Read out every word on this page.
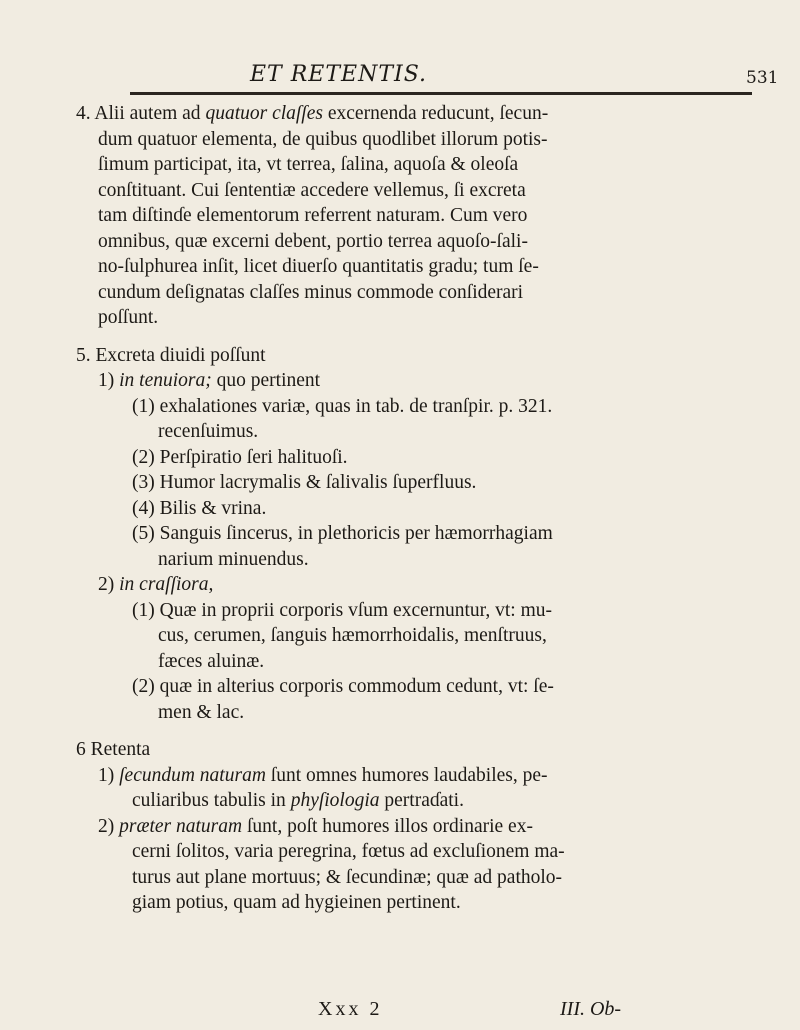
ET RETENTIS.	531
4. Alii autem ad quatuor claſſes excernenda reducunt, ſecun-
dum quatuor elementa, de quibus quodlibet illorum potis-
ſimum participat, ita, vt terrea, ſalina, aquoſa & oleoſa
conſtituant. Cui ſententiæ accedere vellemus, ſi excreta
tam diſtinɗe elementorum referrent naturam. Cum vero
omnibus, quæ excerni debent, portio terrea aquoſo-ſali-
no-ſulphurea inſit, licet diuerſo quantitatis gradu; tum ſe-
cundum deſignatas claſſes minus commode conſiderari
poſſunt.
5. Excreta diuidi poſſunt
1) in tenuiora; quo pertinent
(1) exhalationes variæ, quas in tab. de tranſpir. p. 321.
recenſuimus.
(2) Perſpiratio ſeri halituoſi.
(3) Humor lacrymalis & ſalivalis ſuperfluus.
(4) Bilis & vrina.
(5) Sanguis ſincerus, in plethoricis per hæmorrhagiam
narium minuendus.
2) in craſſiora,
(1) Quæ in proprii corporis vſum excernuntur, vt: mu-
cus, cerumen, ſanguis hæmorrhoidalis, menſtruus,
fæces aluinæ.
(2) quæ in alterius corporis commodum cedunt, vt: ſe-
men & lac.
6 Retenta
1) ſecundum naturam ſunt omnes humores laudabiles, pe-
culiaribus tabulis in phyſiologia pertraɗati.
2) præter naturam ſunt, poſt humores illos ordinarie ex-
cerni ſolitos, varia peregrina, fœtus ad excluſionem ma-
turus aut plane mortuus; & ſecundinæ; quæ ad patholo-
giam potius, quam ad hygieinen pertinent.
Xxx 2	III. Ob-
